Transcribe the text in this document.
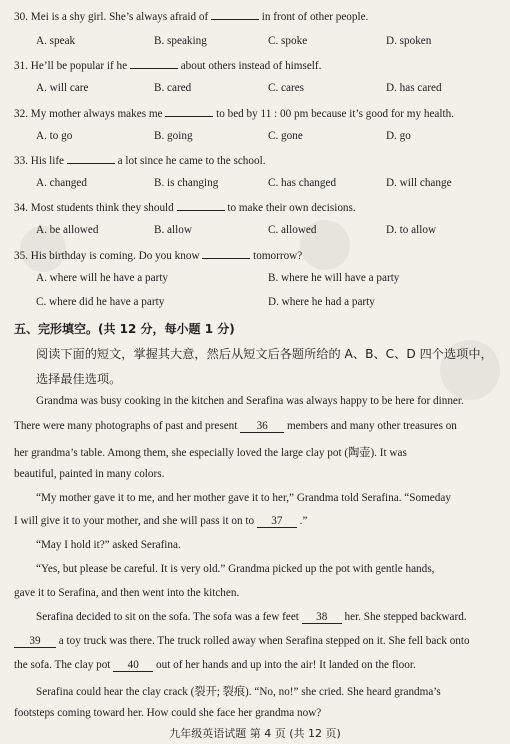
30. Mei is a shy girl. She’s always afraid of	in front of other people.
A. speak	B. speaking	C. spoke	D. spoken
31. He’ll be popular if he	about others instead of himself.
A. will care	B. cared	C. cares	D. has cared
32. My mother always makes me	to bed by 11 : 00 pm because it’s good for my health.
A. to go	B. going	C. gone	D. go
33. His life	a lot since he came to the school.
A. changed	B. is changing	C. has changed	D. will change
34. Most students think they should	to make their own decisions.
A. be allowed	B. allow	C. allowed	D. to allow
35. His birthday is coming. Do you know	tomorrow?
A. where will he have a party	B. where he will have a party
C. where did he have a party	D. where he had a party
五、完形填空。(共 12 分，每小题 1 分)
阅读下面的短文，掌握其大意，然后从短文后各题所给的 A、B、C、D 四个选项中，
选择最佳选项。
Grandma was busy cooking in the kitchen and Serafina was always happy to be here for dinner.
There were many photographs of past and present 36 members and many other treasures on
her grandma’s table. Among them, she especially loved the large clay pot (陶壶). It was
beautiful, painted in many colors.
“My mother gave it to me, and her mother gave it to her,” Grandma told Serafina. “Someday
I will give it to your mother, and she will pass it on to 37 .”
“May I hold it?” asked Serafina.
“Yes, but please be careful. It is very old.” Grandma picked up the pot with gentle hands,
gave it to Serafina, and then went into the kitchen.
Serafina decided to sit on the sofa. The sofa was a few feet 38 her. She stepped backward.
39 a toy truck was there. The truck rolled away when Serafina stepped on it. She fell back onto
the sofa. The clay pot 40 out of her hands and up into the air! It landed on the floor.
Serafina could hear the clay crack (裂开; 裂痕). “No, no!” she cried. She heard grandma’s
footsteps coming toward her. How could she face her grandma now?
九年级英语试题 第 4 页 (共 12 页)
